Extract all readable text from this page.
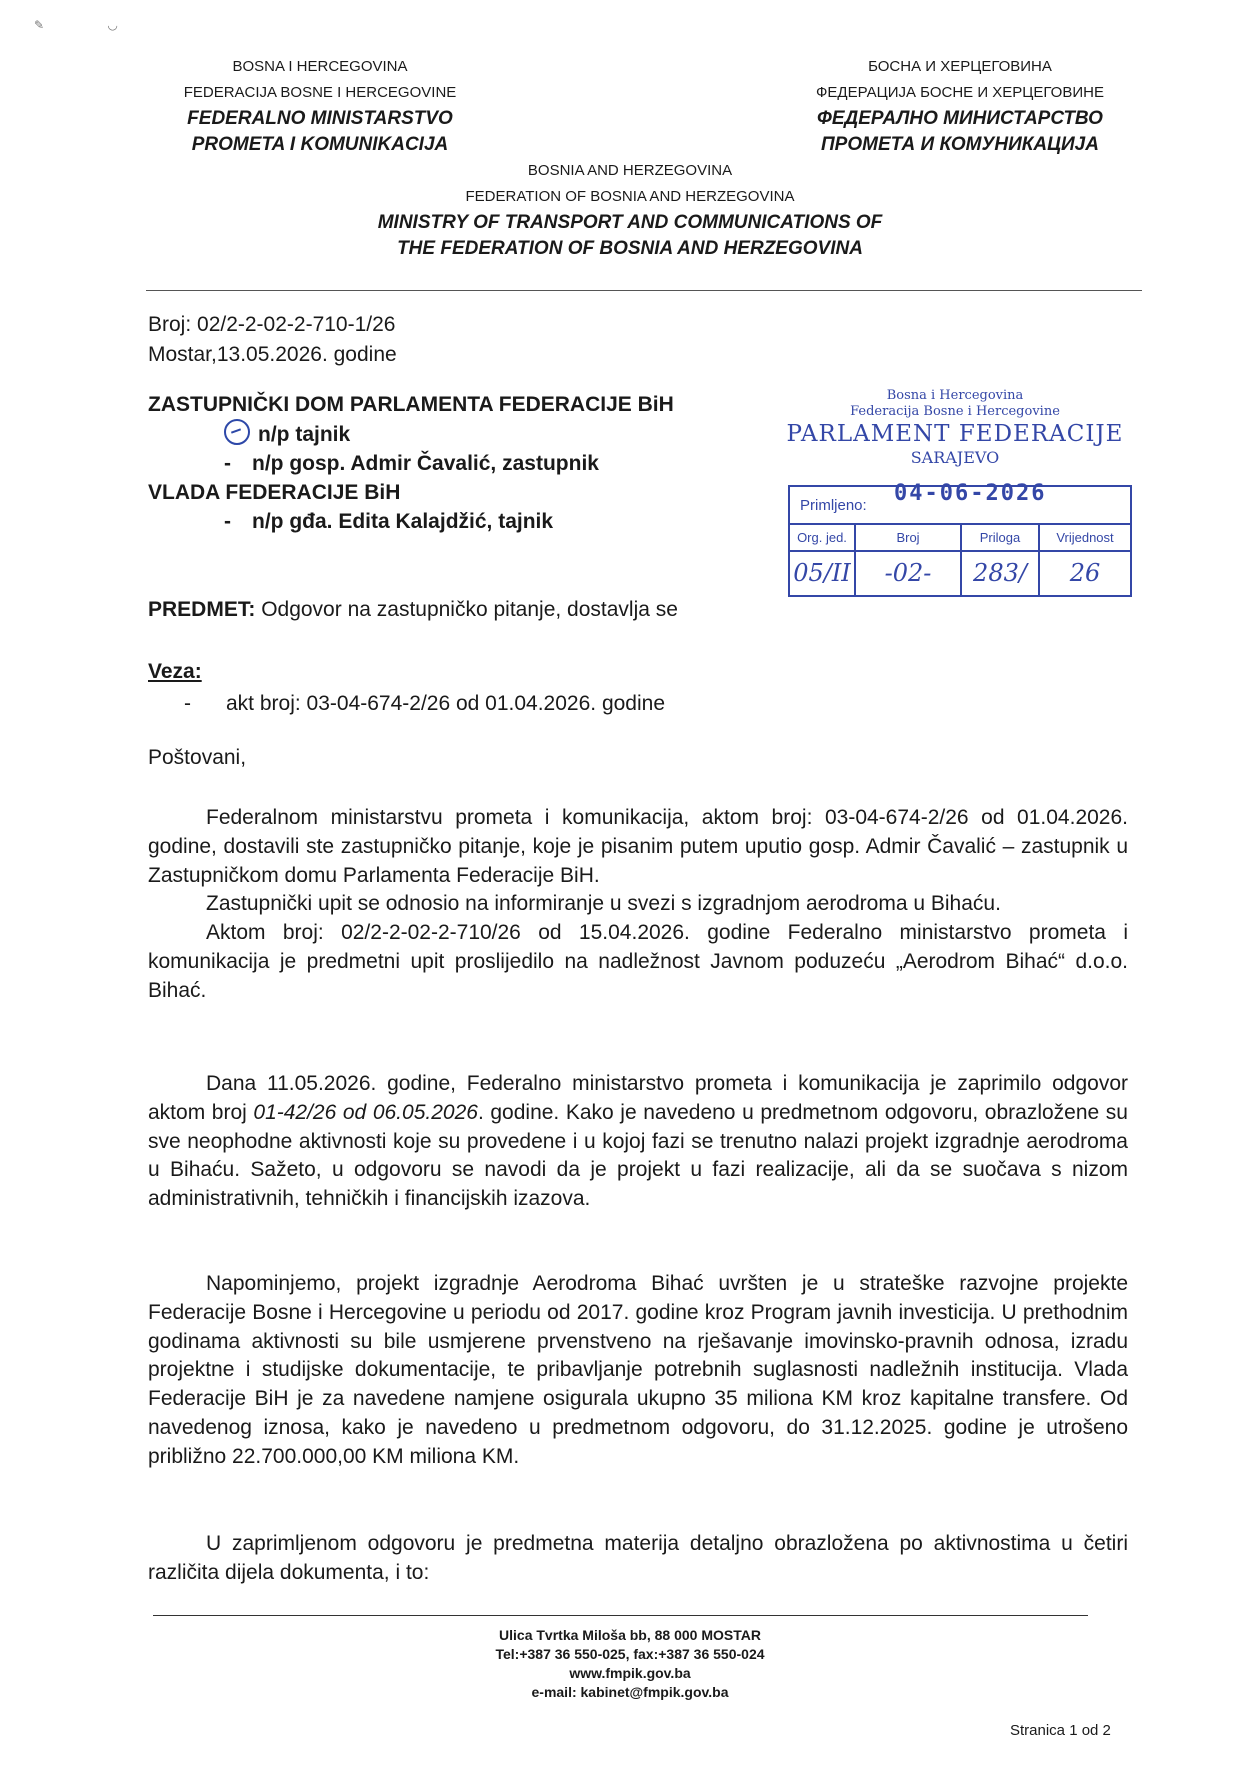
✎ ◡
BOSNA I HERCEGOVINA
FEDERACIJA BOSNE I HERCEGOVINE
FEDERALNO MINISTARSTVO
PROMETA I KOMUNIKACIJA
БОСНА И ХЕРЦЕГОВИНА
ФЕДЕРАЦИЈА БОСНЕ И ХЕРЦЕГОВИНЕ
ФЕДЕРАЛНО МИНИСТАРСТВО
ПРОМЕТА И КОМУНИКАЦИЈА
BOSNIA AND HERZEGOVINA
FEDERATION OF BOSNIA AND HERZEGOVINA
MINISTRY OF TRANSPORT AND COMMUNICATIONS OF
THE FEDERATION OF BOSNIA AND HERZEGOVINA
Broj: 02/2-2-02-2-710-1/26
Mostar,13.05.2026. godine
ZASTUPNIČKI DOM PARLAMENTA FEDERACIJE BiH
n/p tajnik
- n/p gosp. Admir Čavalić, zastupnik
VLADA FEDERACIJE BiH
- n/p gđa. Edita Kalajdžić, tajnik
Bosna i Hercegovina
Federacija Bosne i Hercegovine
PARLAMENT FEDERACIJE
SARAJEVO
Primljeno: 04-06-2026
Org. jed.	Broj	Priloga	Vrijednost
05/II	-02-	283/	26
PREDMET: Odgovor na zastupničko pitanje, dostavlja se
Veza:
- akt broj: 03-04-674-2/26 od 01.04.2026. godine
Poštovani,

Federalnom ministarstvu prometa i komunikacija, aktom broj: 03-04-674-2/26 od 01.04.2026. godine, dostavili ste zastupničko pitanje, koje je pisanim putem uputio gosp. Admir Čavalić – zastupnik u Zastupničkom domu Parlamenta Federacije BiH.

Zastupnički upit se odnosio na informiranje u svezi s izgradnjom aerodroma u Bihaću.

Aktom broj: 02/2-2-02-2-710/26 od 15.04.2026. godine Federalno ministarstvo prometa i komunikacija je predmetni upit proslijedilo na nadležnost Javnom poduzeću „Aerodrom Bihać“ d.o.o. Bihać.

Dana 11.05.2026. godine, Federalno ministarstvo prometa i komunikacija je zaprimilo odgovor aktom broj 01-42/26 od 06.05.2026. godine. Kako je navedeno u predmetnom odgovoru, obrazložene su sve neophodne aktivnosti koje su provedene i u kojoj fazi se trenutno nalazi projekt izgradnje aerodroma u Bihaću. Sažeto, u odgovoru se navodi da je projekt u fazi realizacije, ali da se suočava s nizom administrativnih, tehničkih i financijskih izazova.

Napominjemo, projekt izgradnje Aerodroma Bihać uvršten je u strateške razvojne projekte Federacije Bosne i Hercegovine u periodu od 2017. godine kroz Program javnih investicija. U prethodnim godinama aktivnosti su bile usmjerene prvenstveno na rješavanje imovinsko-pravnih odnosa, izradu projektne i studijske dokumentacije, te pribavljanje potrebnih suglasnosti nadležnih institucija. Vlada Federacije BiH je za navedene namjene osigurala ukupno 35 miliona KM kroz kapitalne transfere. Od navedenog iznosa, kako je navedeno u predmetnom odgovoru, do 31.12.2025. godine je utrošeno približno 22.700.000,00 KM miliona KM.

U zaprimljenom odgovoru je predmetna materija detaljno obrazložena po aktivnostima u četiri različita dijela dokumenta, i to:

Ulica Tvrtka Miloša bb, 88 000 MOSTAR
Tel:+387 36 550-025, fax:+387 36 550-024
www.fmpik.gov.ba
e-mail: kabinet@fmpik.gov.ba
Stranica 1 od 2
